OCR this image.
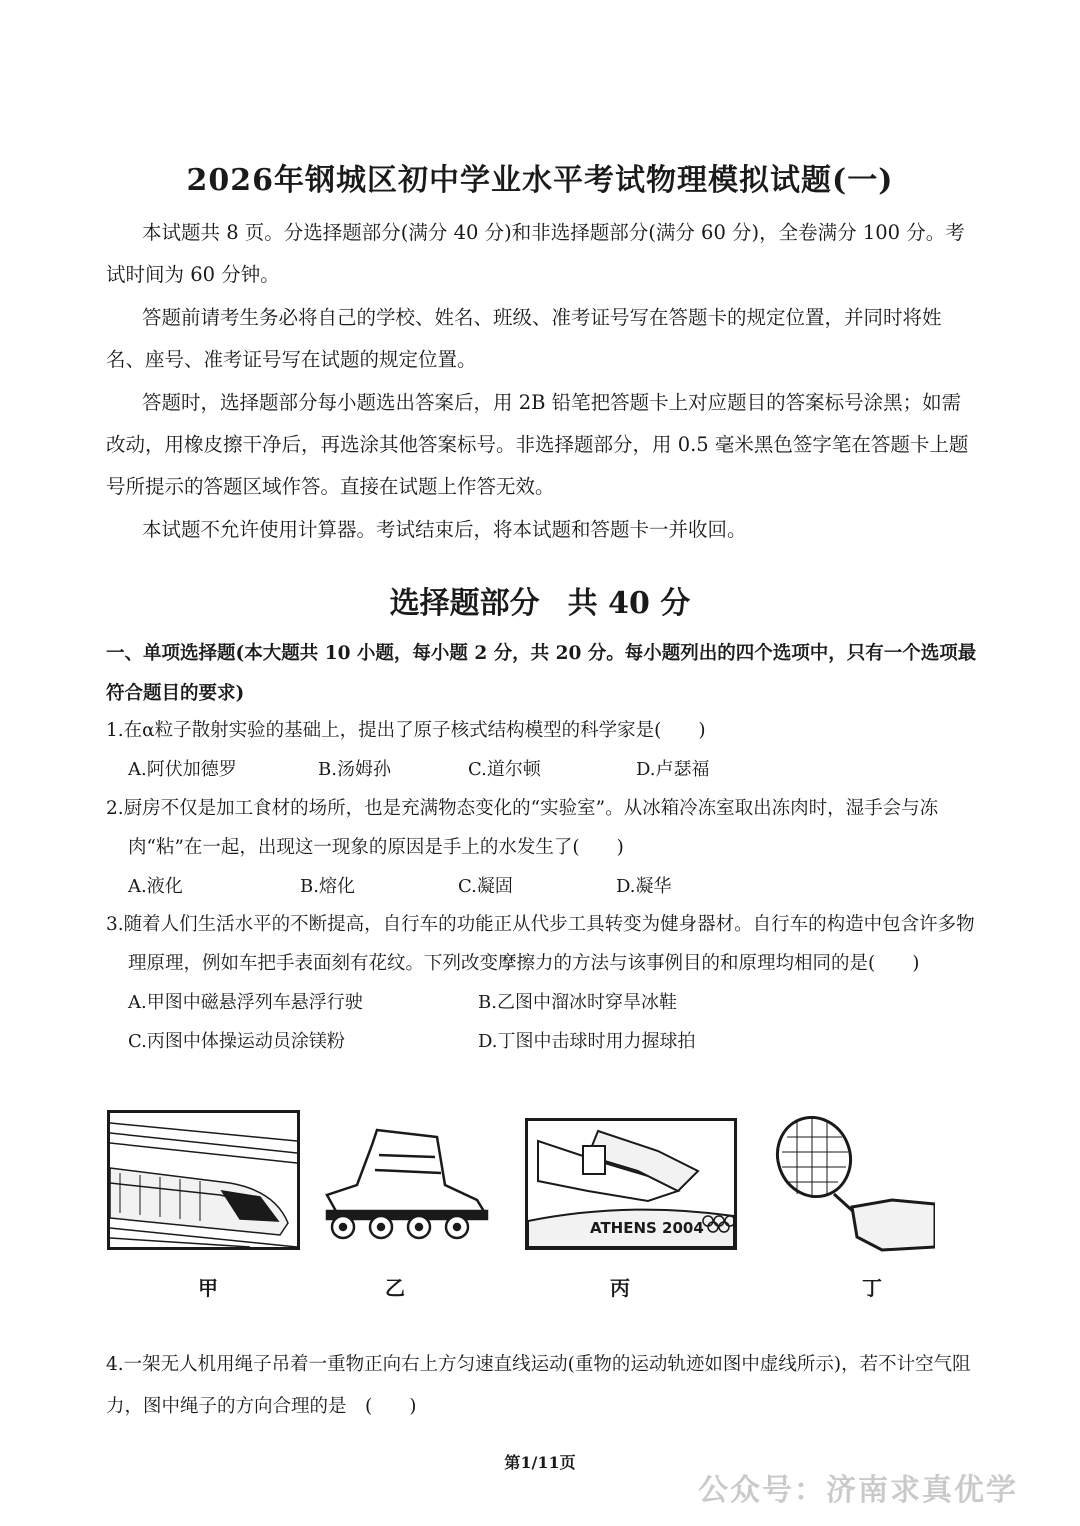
2026年钢城区初中学业水平考试物理模拟试题(一)
本试题共 8 页。分选择题部分(满分 40 分)和非选择题部分(满分 60 分)，全卷满分 100 分。考试时间为 60 分钟。
答题前请考生务必将自己的学校、姓名、班级、准考证号写在答题卡的规定位置，并同时将姓名、座号、准考证号写在试题的规定位置。
答题时，选择题部分每小题选出答案后，用 2B 铅笔把答题卡上对应题目的答案标号涂黑；如需改动，用橡皮擦干净后，再选涂其他答案标号。非选择题部分，用 0.5 毫米黑色签字笔在答题卡上题号所提示的答题区域作答。直接在试题上作答无效。
本试题不允许使用计算器。考试结束后，将本试题和答题卡一并收回。
选择题部分 共 40 分
一、单项选择题(本大题共 10 小题，每小题 2 分，共 20 分。每小题列出的四个选项中，只有一个选项最符合题目的要求)
1.在α粒子散射实验的基础上，提出了原子核式结构模型的科学家是(　　)
A.阿伏加德罗	B.汤姆孙	C.道尔顿	D.卢瑟福
2.厨房不仅是加工食材的场所，也是充满物态变化的“实验室”。从冰箱冷冻室取出冻肉时，湿手会与冻肉“粘”在一起，出现这一现象的原因是手上的水发生了(　　)
A.液化	B.熔化	C.凝固	D.凝华
3.随着人们生活水平的不断提高，自行车的功能正从代步工具转变为健身器材。自行车的构造中包含许多物理原理，例如车把手表面刻有花纹。下列改变摩擦力的方法与该事例目的和原理均相同的是(　　)
A.甲图中磁悬浮列车悬浮行驶	B.乙图中溜冰时穿旱冰鞋
C.丙图中体操运动员涂镁粉	D.丁图中击球时用力握球拍
ATHENS 2004
甲	乙	丙	丁
4.一架无人机用绳子吊着一重物正向右上方匀速直线运动(重物的运动轨迹如图中虚线所示)，若不计空气阻力，图中绳子的方向合理的是　(　　)
第1/11页
公众号：济南求真优学
